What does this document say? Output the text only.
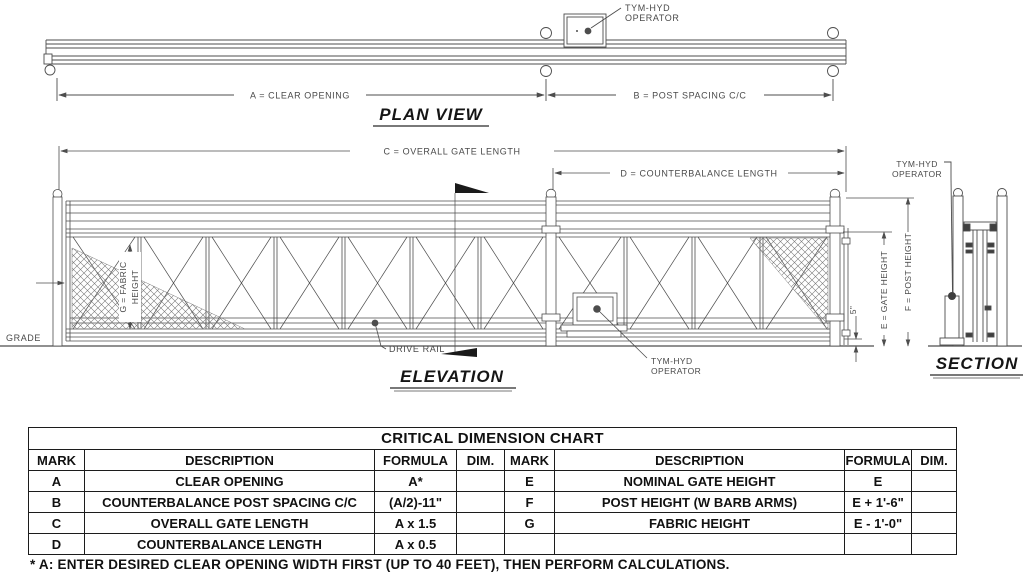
TYM-HYD
OPERATOR
A = CLEAR OPENING	B = POST SPACING C/C
PLAN VIEW
C = OVERALL GATE LENGTH
D = COUNTERBALANCE LENGTH
GRADE
G = FABRIC HEIGHT
DRIVE RAIL
TYM-HYD
OPERATOR
5" E = GATE HEIGHT F = POST HEIGHT
ELEVATION
TYM-HYD
OPERATOR
SECTION
CRITICAL DIMENSION CHART							
MARK	DESCRIPTION	FORMULA	DIM.	MARK	DESCRIPTION	FORMULA	DIM.
A	CLEAR OPENING	A*		E	NOMINAL GATE HEIGHT	E	
B	COUNTERBALANCE POST SPACING C/C	(A/2)-11"		F	POST HEIGHT (W BARB ARMS)	E + 1'-6"	
C	OVERALL GATE LENGTH	A x 1.5		G	FABRIC HEIGHT	E - 1'-0"	
D	COUNTERBALANCE LENGTH	A x 0.5					
* A: ENTER DESIRED CLEAR OPENING WIDTH FIRST (UP TO 40 FEET), THEN PERFORM CALCULATIONS.
